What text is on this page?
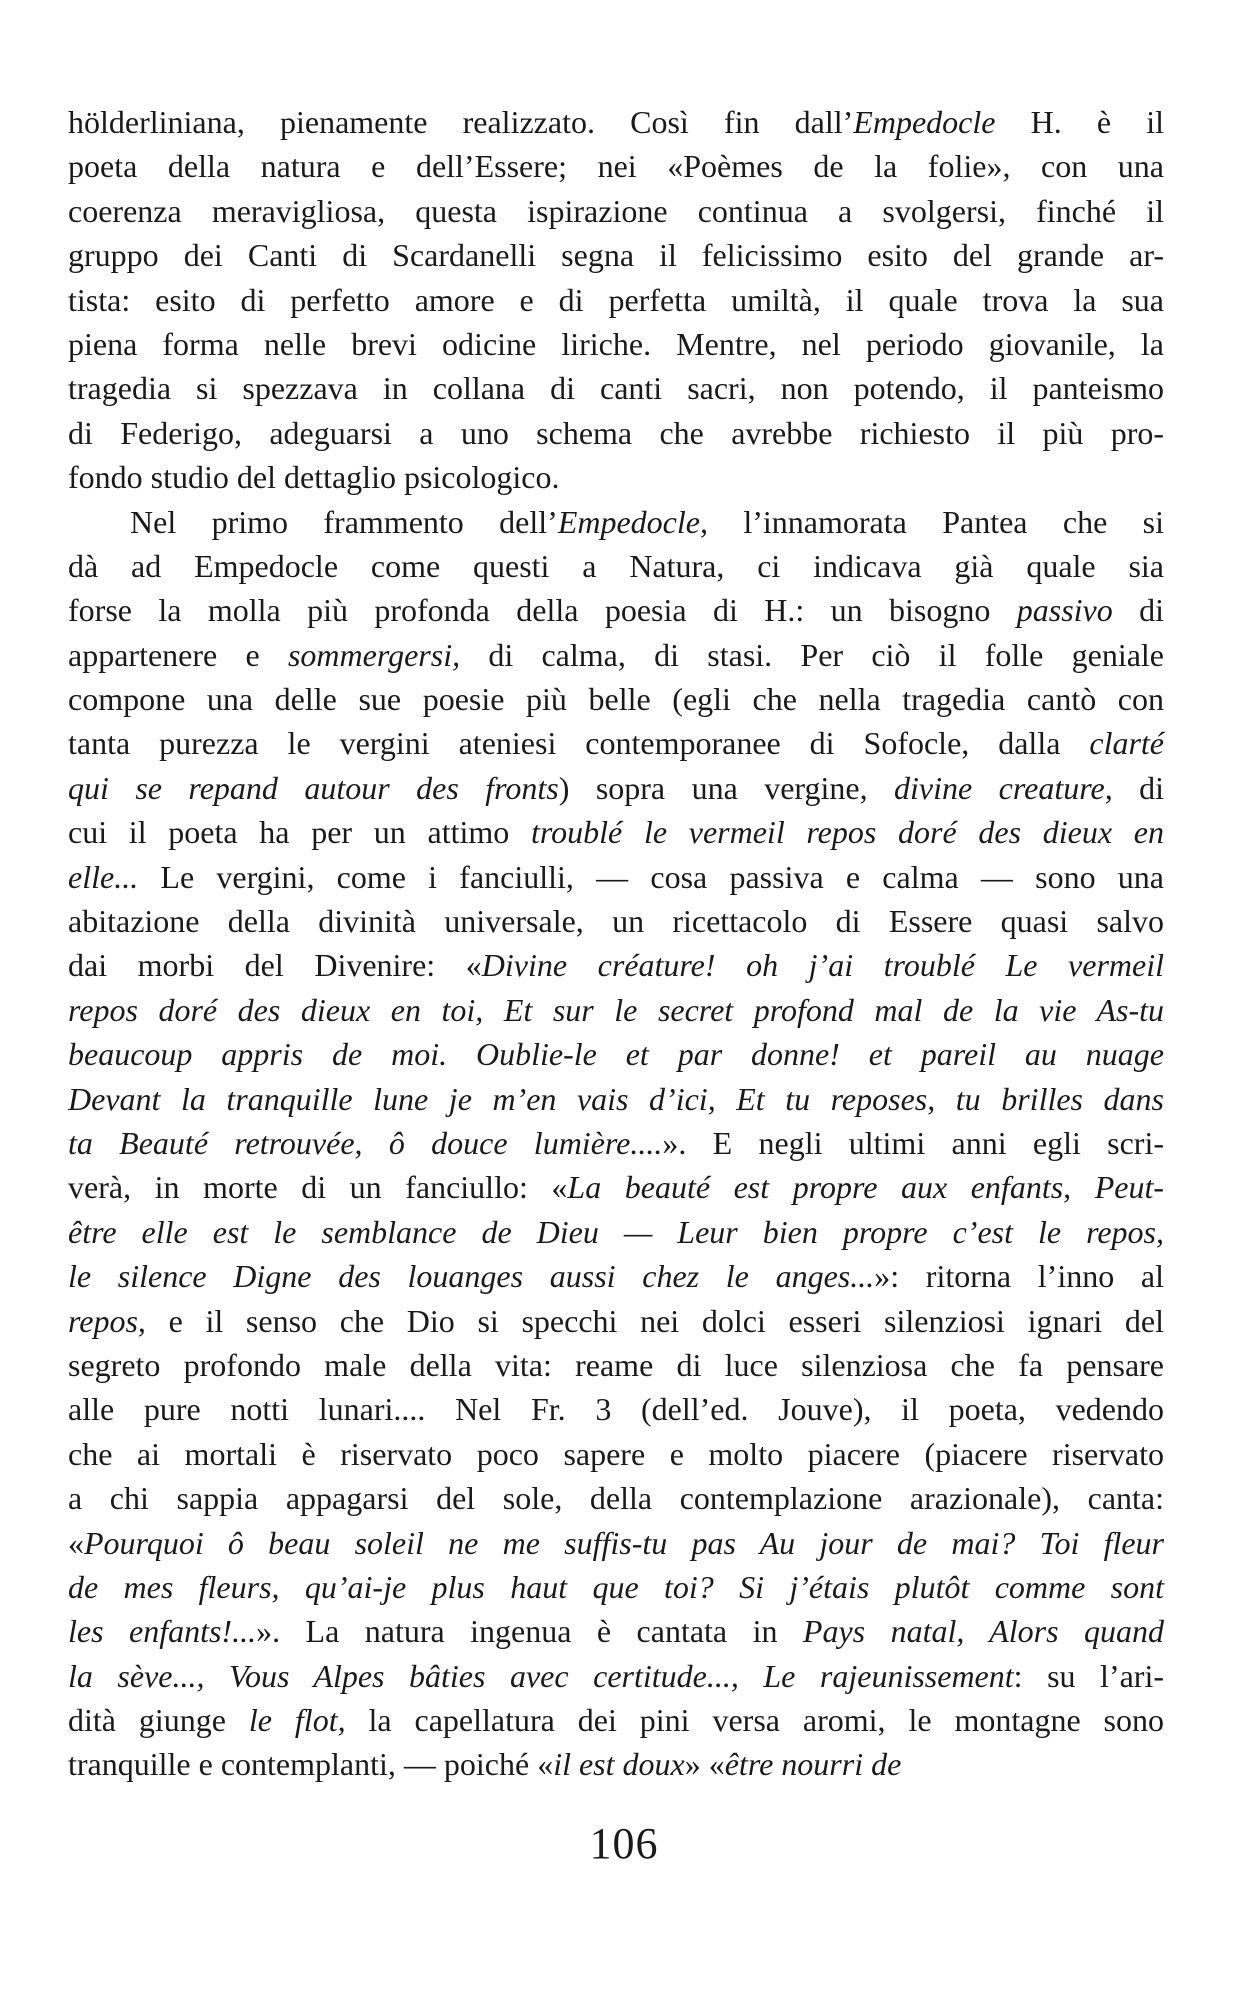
hölderliniana, pienamente realizzato. Così fin dall’Empedocle H. è il
poeta della natura e dell’Essere; nei «Poèmes de la folie», con una
coerenza meravigliosa, questa ispirazione continua a svolgersi, finché il
gruppo dei Canti di Scardanelli segna il felicissimo esito del grande ar-
tista: esito di perfetto amore e di perfetta umiltà, il quale trova la sua
piena forma nelle brevi odicine liriche. Mentre, nel periodo giovanile, la
tragedia si spezzava in collana di canti sacri, non potendo, il panteismo
di Federigo, adeguarsi a uno schema che avrebbe richiesto il più pro-
fondo studio del dettaglio psicologico.
Nel primo frammento dell’Empedocle, l’innamorata Pantea che si
dà ad Empedocle come questi a Natura, ci indicava già quale sia
forse la molla più profonda della poesia di H.: un bisogno passivo di
appartenere e sommergersi, di calma, di stasi. Per ciò il folle geniale
compone una delle sue poesie più belle (egli che nella tragedia cantò con
tanta purezza le vergini ateniesi contemporanee di Sofocle, dalla clarté
qui se repand autour des fronts) sopra una vergine, divine creature, di
cui il poeta ha per un attimo troublé le vermeil repos doré des dieux en
elle... Le vergini, come i fanciulli, — cosa passiva e calma — sono una
abitazione della divinità universale, un ricettacolo di Essere quasi salvo
dai morbi del Divenire: «Divine créature! oh j’ai troublé Le vermeil
repos doré des dieux en toi, Et sur le secret profond mal de la vie As-tu
beaucoup appris de moi. Oublie-le et par donne! et pareil au nuage
Devant la tranquille lune je m’en vais d’ici, Et tu reposes, tu brilles dans
ta Beauté retrouvée, ô douce lumière....». E negli ultimi anni egli scri-
verà, in morte di un fanciullo: «La beauté est propre aux enfants, Peut-
être elle est le semblance de Dieu — Leur bien propre c’est le repos,
le silence Digne des louanges aussi chez le anges...»: ritorna l’inno al
repos, e il senso che Dio si specchi nei dolci esseri silenziosi ignari del
segreto profondo male della vita: reame di luce silenziosa che fa pensare
alle pure notti lunari.... Nel Fr. 3 (dell’ed. Jouve), il poeta, vedendo
che ai mortali è riservato poco sapere e molto piacere (piacere riservato
a chi sappia appagarsi del sole, della contemplazione arazionale), canta:
«Pourquoi ô beau soleil ne me suffis-tu pas Au jour de mai? Toi fleur
de mes fleurs, qu’ai-je plus haut que toi? Si j’étais plutôt comme sont
les enfants!...». La natura ingenua è cantata in Pays natal, Alors quand
la sève..., Vous Alpes bâties avec certitude..., Le rajeunissement: su l’ari-
dità giunge le flot, la capellatura dei pini versa aromi, le montagne sono
tranquille e contemplanti, — poiché «il est doux» «être nourri de
106
